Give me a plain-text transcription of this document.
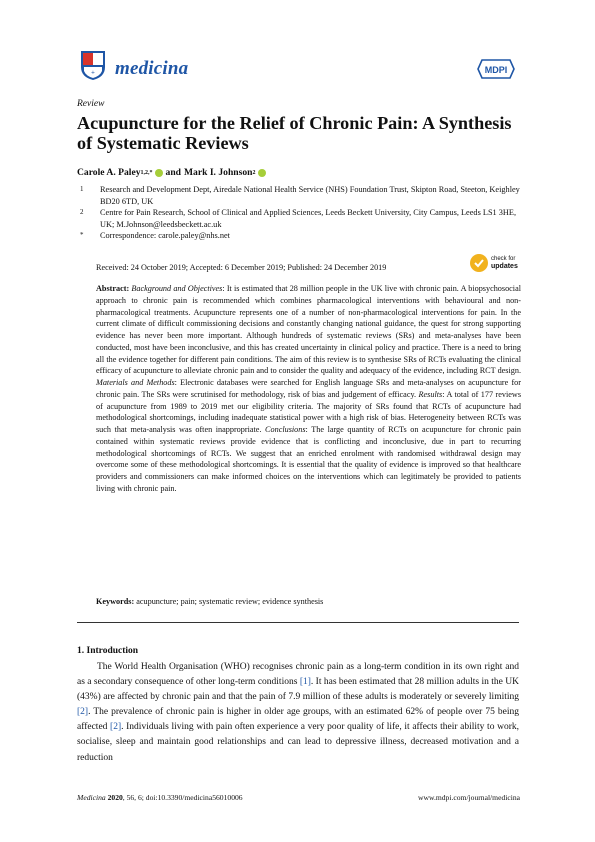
+ medicina	MDPI
Review
Acupuncture for the Relief of Chronic Pain: A Synthesis of Systematic Reviews
Carole A. Paley 1,2,* and Mark I. Johnson 2
1	Research and Development Dept, Airedale National Health Service (NHS) Foundation Trust, Skipton Road, Steeton, Keighley BD20 6TD, UK
2	Centre for Pain Research, School of Clinical and Applied Sciences, Leeds Beckett University, City Campus, Leeds LS1 3HE, UK; M.Johnson@leedsbeckett.ac.uk
*	Correspondence: carole.paley@nhs.net
Received: 24 October 2019; Accepted: 6 December 2019; Published: 24 December 2019
check for
updates
Abstract: Background and Objectives: It is estimated that 28 million people in the UK live with chronic pain. A biopsychosocial approach to chronic pain is recommended which combines pharmacological interventions with behavioural and non-pharmacological treatments. Acupuncture represents one of a number of non-pharmacological interventions for pain. In the current climate of difficult commissioning decisions and constantly changing national guidance, the quest for strong supporting evidence has never been more important. Although hundreds of systematic reviews (SRs) and meta-analyses have been conducted, most have been inconclusive, and this has created uncertainty in clinical policy and practice. There is a need to bring all the evidence together for different pain conditions. The aim of this review is to synthesise SRs of RCTs evaluating the clinical efficacy of acupuncture to alleviate chronic pain and to consider the quality and adequacy of the evidence, including RCT design. Materials and Methods: Electronic databases were searched for English language SRs and meta-analyses on acupuncture for chronic pain. The SRs were scrutinised for methodology, risk of bias and judgement of efficacy. Results: A total of 177 reviews of acupuncture from 1989 to 2019 met our eligibility criteria. The majority of SRs found that RCTs of acupuncture had methodological shortcomings, including inadequate statistical power with a high risk of bias. Heterogeneity between RCTs was such that meta-analysis was often inappropriate. Conclusions: The large quantity of RCTs on acupuncture for chronic pain contained within systematic reviews provide evidence that is conflicting and inconclusive, due in part to recurring methodological shortcomings of RCTs. We suggest that an enriched enrolment with randomised withdrawal design may overcome some of these methodological shortcomings. It is essential that the quality of evidence is improved so that healthcare providers and commissioners can make informed choices on the interventions which can legitimately be provided to patients living with chronic pain.
Keywords: acupuncture; pain; systematic review; evidence synthesis
1. Introduction
The World Health Organisation (WHO) recognises chronic pain as a long-term condition in its own right and as a secondary consequence of other long-term conditions [1]. It has been estimated that 28 million adults in the UK (43%) are affected by chronic pain and that the pain of 7.9 million of these adults is moderately or severely limiting [2]. The prevalence of chronic pain is higher in older age groups, with an estimated 62% of people over 75 being affected [2]. Individuals living with pain often experience a very poor quality of life, it affects their ability to work, socialise, sleep and maintain good relationships and can lead to depressive illness, decreased motivation and a reduction
Medicina 2020, 56, 6; doi:10.3390/medicina56010006	www.mdpi.com/journal/medicina
